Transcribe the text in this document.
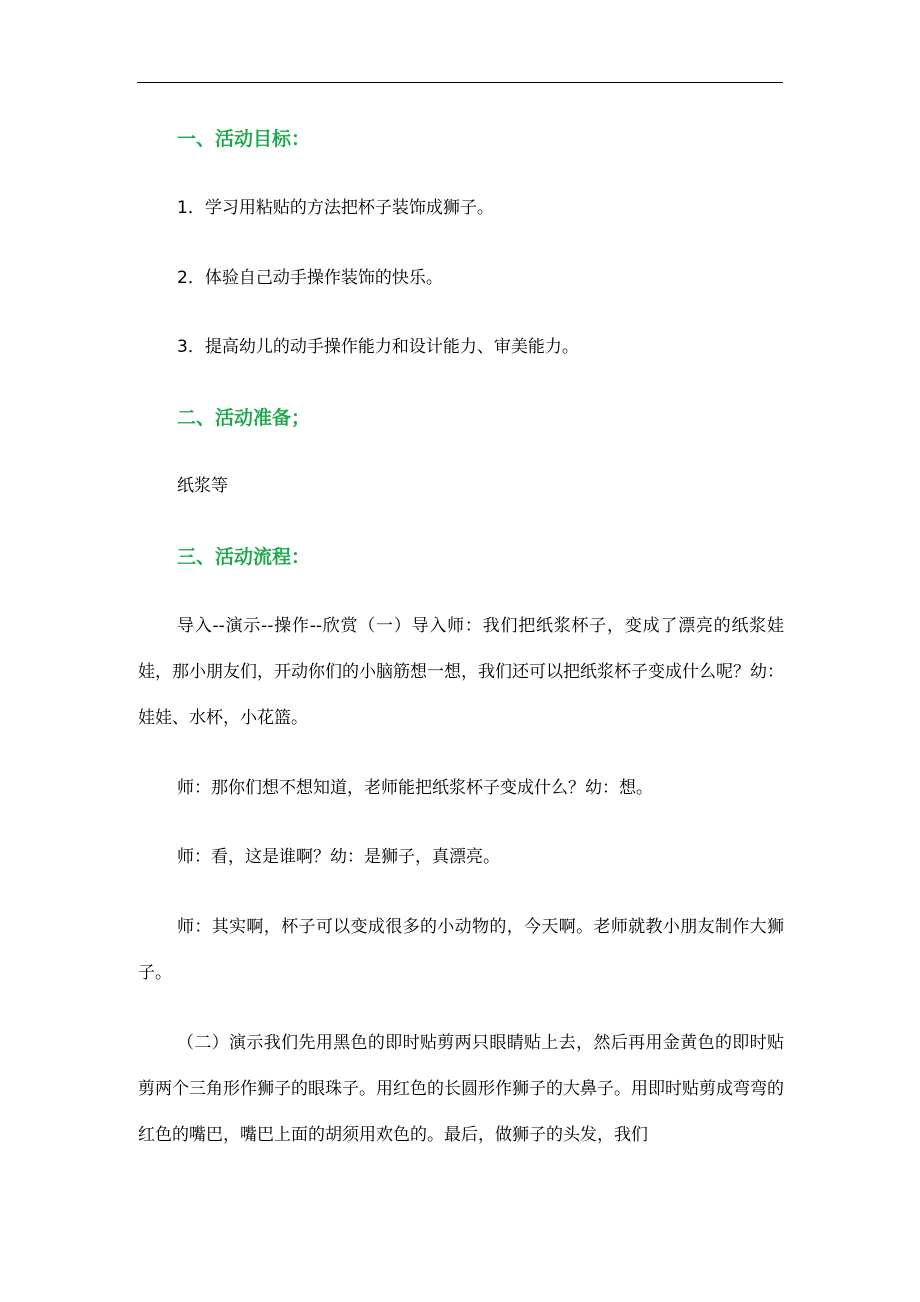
一、活动目标：
1．学习用粘贴的方法把杯子装饰成狮子。
2．体验自己动手操作装饰的快乐。
3．提高幼儿的动手操作能力和设计能力、审美能力。
二、活动准备；
纸浆等
三、活动流程：

导入--演示--操作--欣赏（一）导入师：我们把纸浆杯子，变成了漂亮的纸浆娃娃，那小朋友们，开动你们的小脑筋想一想，我们还可以把纸浆杯子变成什么呢？幼：娃娃、水杯，小花篮。

师：那你们想不想知道，老师能把纸浆杯子变成什么？幼：想。

师：看，这是谁啊？幼：是狮子，真漂亮。

师：其实啊，杯子可以变成很多的小动物的，今天啊。老师就教小朋友制作大狮子。

（二）演示我们先用黑色的即时贴剪两只眼睛贴上去，然后再用金黄色的即时贴剪两个三角形作狮子的眼珠子。用红色的长圆形作狮子的大鼻子。用即时贴剪成弯弯的红色的嘴巴，嘴巴上面的胡须用欢色的。最后，做狮子的头发，我们
